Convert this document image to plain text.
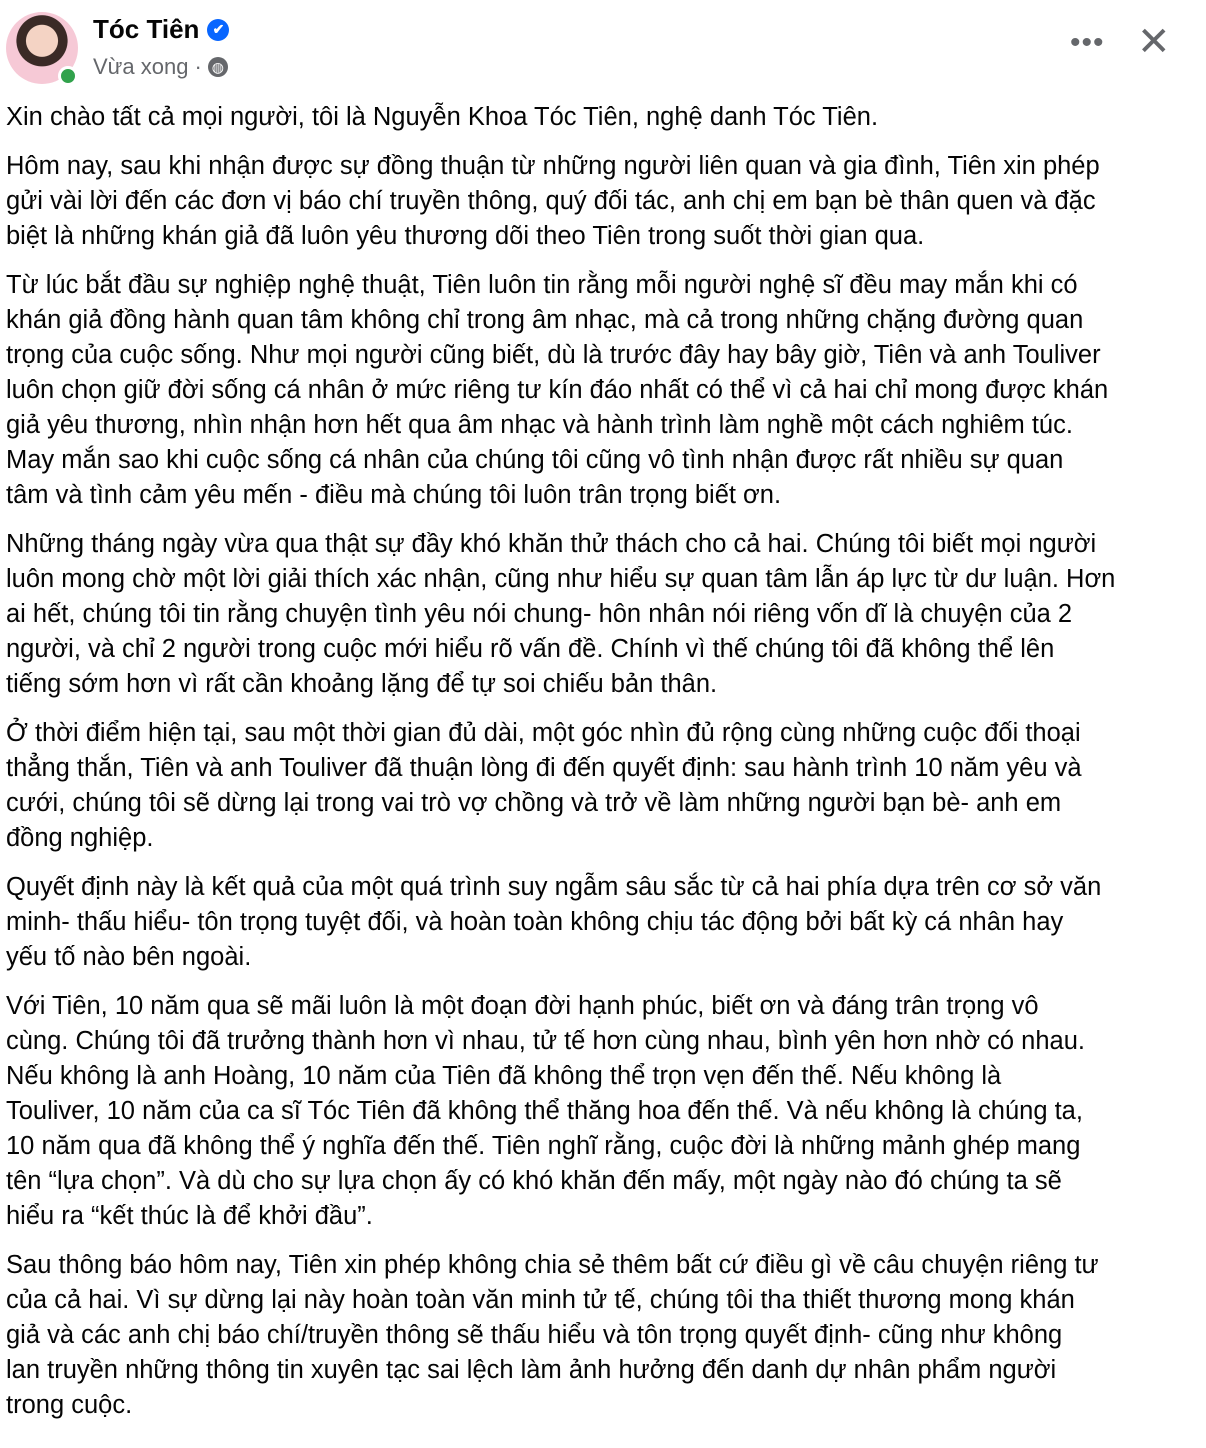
Tóc Tiên ✔
Vừa xong · ◍
••• ✕
Xin chào tất cả mọi người, tôi là Nguyễn Khoa Tóc Tiên, nghệ danh Tóc Tiên.
Hôm nay, sau khi nhận được sự đồng thuận từ những người liên quan và gia đình, Tiên xin phép
gửi vài lời đến các đơn vị báo chí truyền thông, quý đối tác, anh chị em bạn bè thân quen và đặc
biệt là những khán giả đã luôn yêu thương dõi theo Tiên trong suốt thời gian qua.
Từ lúc bắt đầu sự nghiệp nghệ thuật, Tiên luôn tin rằng mỗi người nghệ sĩ đều may mắn khi có
khán giả đồng hành quan tâm không chỉ trong âm nhạc, mà cả trong những chặng đường quan
trọng của cuộc sống. Như mọi người cũng biết, dù là trước đây hay bây giờ, Tiên và anh Touliver
luôn chọn giữ đời sống cá nhân ở mức riêng tư kín đáo nhất có thể vì cả hai chỉ mong được khán
giả yêu thương, nhìn nhận hơn hết qua âm nhạc và hành trình làm nghề một cách nghiêm túc.
May mắn sao khi cuộc sống cá nhân của chúng tôi cũng vô tình nhận được rất nhiều sự quan
tâm và tình cảm yêu mến - điều mà chúng tôi luôn trân trọng biết ơn.
Những tháng ngày vừa qua thật sự đầy khó khăn thử thách cho cả hai. Chúng tôi biết mọi người
luôn mong chờ một lời giải thích xác nhận, cũng như hiểu sự quan tâm lẫn áp lực từ dư luận. Hơn
ai hết, chúng tôi tin rằng chuyện tình yêu nói chung- hôn nhân nói riêng vốn dĩ là chuyện của 2
người, và chỉ 2 người trong cuộc mới hiểu rõ vấn đề. Chính vì thế chúng tôi đã không thể lên
tiếng sớm hơn vì rất cần khoảng lặng để tự soi chiếu bản thân.
Ở thời điểm hiện tại, sau một thời gian đủ dài, một góc nhìn đủ rộng cùng những cuộc đối thoại
thẳng thắn, Tiên và anh Touliver đã thuận lòng đi đến quyết định: sau hành trình 10 năm yêu và
cưới, chúng tôi sẽ dừng lại trong vai trò vợ chồng và trở về làm những người bạn bè- anh em
đồng nghiệp.
Quyết định này là kết quả của một quá trình suy ngẫm sâu sắc từ cả hai phía dựa trên cơ sở văn
minh- thấu hiểu- tôn trọng tuyệt đối, và hoàn toàn không chịu tác động bởi bất kỳ cá nhân hay
yếu tố nào bên ngoài.
Với Tiên, 10 năm qua sẽ mãi luôn là một đoạn đời hạnh phúc, biết ơn và đáng trân trọng vô
cùng. Chúng tôi đã trưởng thành hơn vì nhau, tử tế hơn cùng nhau, bình yên hơn nhờ có nhau.
Nếu không là anh Hoàng, 10 năm của Tiên đã không thể trọn vẹn đến thế. Nếu không là
Touliver, 10 năm của ca sĩ Tóc Tiên đã không thể thăng hoa đến thế. Và nếu không là chúng ta,
10 năm qua đã không thể ý nghĩa đến thế. Tiên nghĩ rằng, cuộc đời là những mảnh ghép mang
tên “lựa chọn”. Và dù cho sự lựa chọn ấy có khó khăn đến mấy, một ngày nào đó chúng ta sẽ
hiểu ra “kết thúc là để khởi đầu”.
Sau thông báo hôm nay, Tiên xin phép không chia sẻ thêm bất cứ điều gì về câu chuyện riêng tư
của cả hai. Vì sự dừng lại này hoàn toàn văn minh tử tế, chúng tôi tha thiết thương mong khán
giả và các anh chị báo chí/truyền thông sẽ thấu hiểu và tôn trọng quyết định- cũng như không
lan truyền những thông tin xuyên tạc sai lệch làm ảnh hưởng đến danh dự nhân phẩm người
trong cuộc.
